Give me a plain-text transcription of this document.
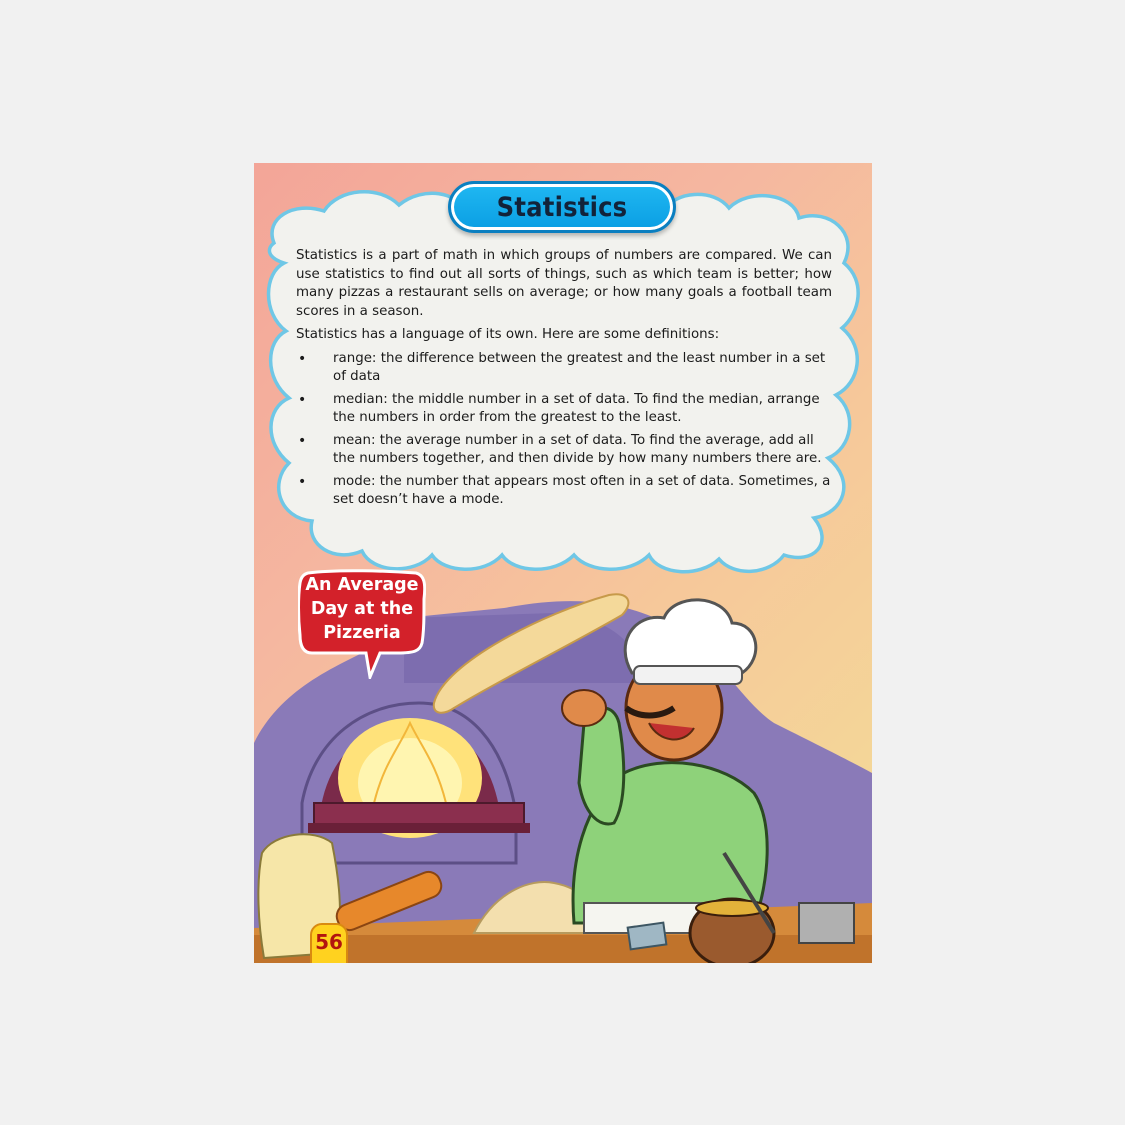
Statistics

Statistics is a part of math in which groups of numbers are compared. We can use statistics to find out all sorts of things, such as which team is better; how many pizzas a restaurant sells on average; or how many goals a football team scores in a season.

Statistics has a language of its own. Here are some definitions:

• range: the difference between the greatest and the least number in a set of data
• median: the middle number in a set of data. To find the median, arrange the numbers in order from the greatest to the least.
• mean: the average number in a set of data. To find the average, add all the numbers together, and then divide by how many numbers there are.
• mode: the number that appears most often in a set of data. Sometimes, a set doesn’t have a mode.
An Average
Day at the
Pizzeria
56
